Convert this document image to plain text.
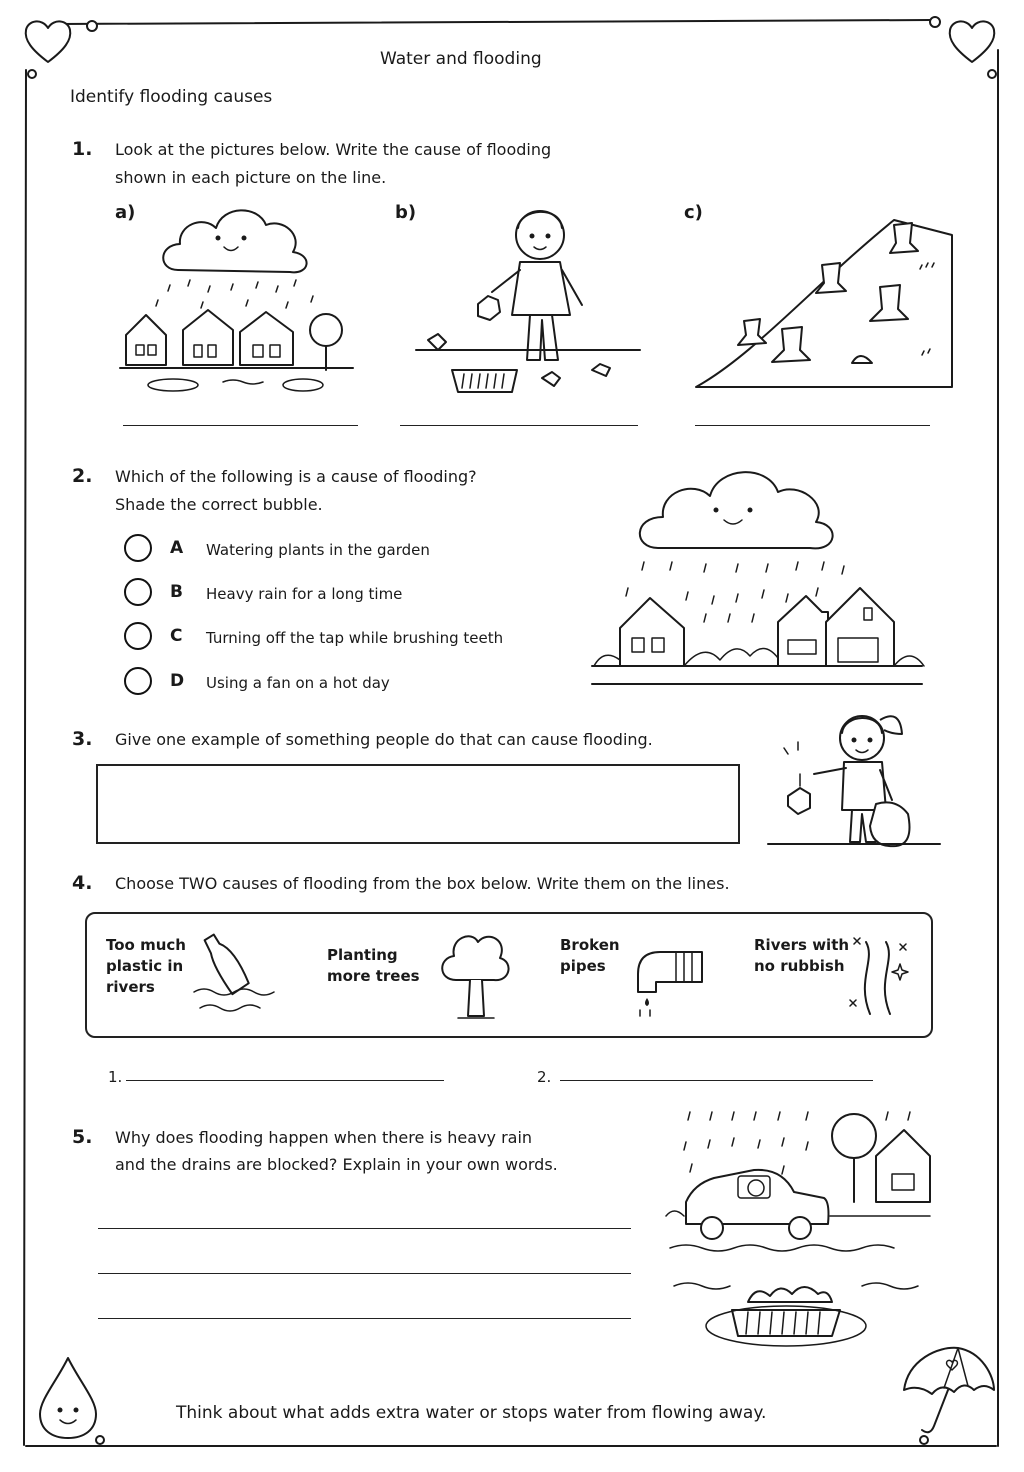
Water and flooding
Identify flooding causes
1. Look at the pictures below. Write the cause of flooding
shown in each picture on the line.
a)	b)	c)
2. Which of the following is a cause of flooding?
Shade the correct bubble.
A Watering plants in the garden
B Heavy rain for a long time
C Turning off the tap while brushing teeth
D Using a fan on a hot day
3. Give one example of something people do that can cause flooding.
4. Choose TWO causes of flooding from the box below. Write them on the lines.
Too much
plastic in
rivers
Planting
more trees
Broken
pipes
Rivers with
no rubbish
1.	2.
5. Why does flooding happen when there is heavy rain
and the drains are blocked? Explain in your own words.
Think about what adds extra water or stops water from flowing away.
